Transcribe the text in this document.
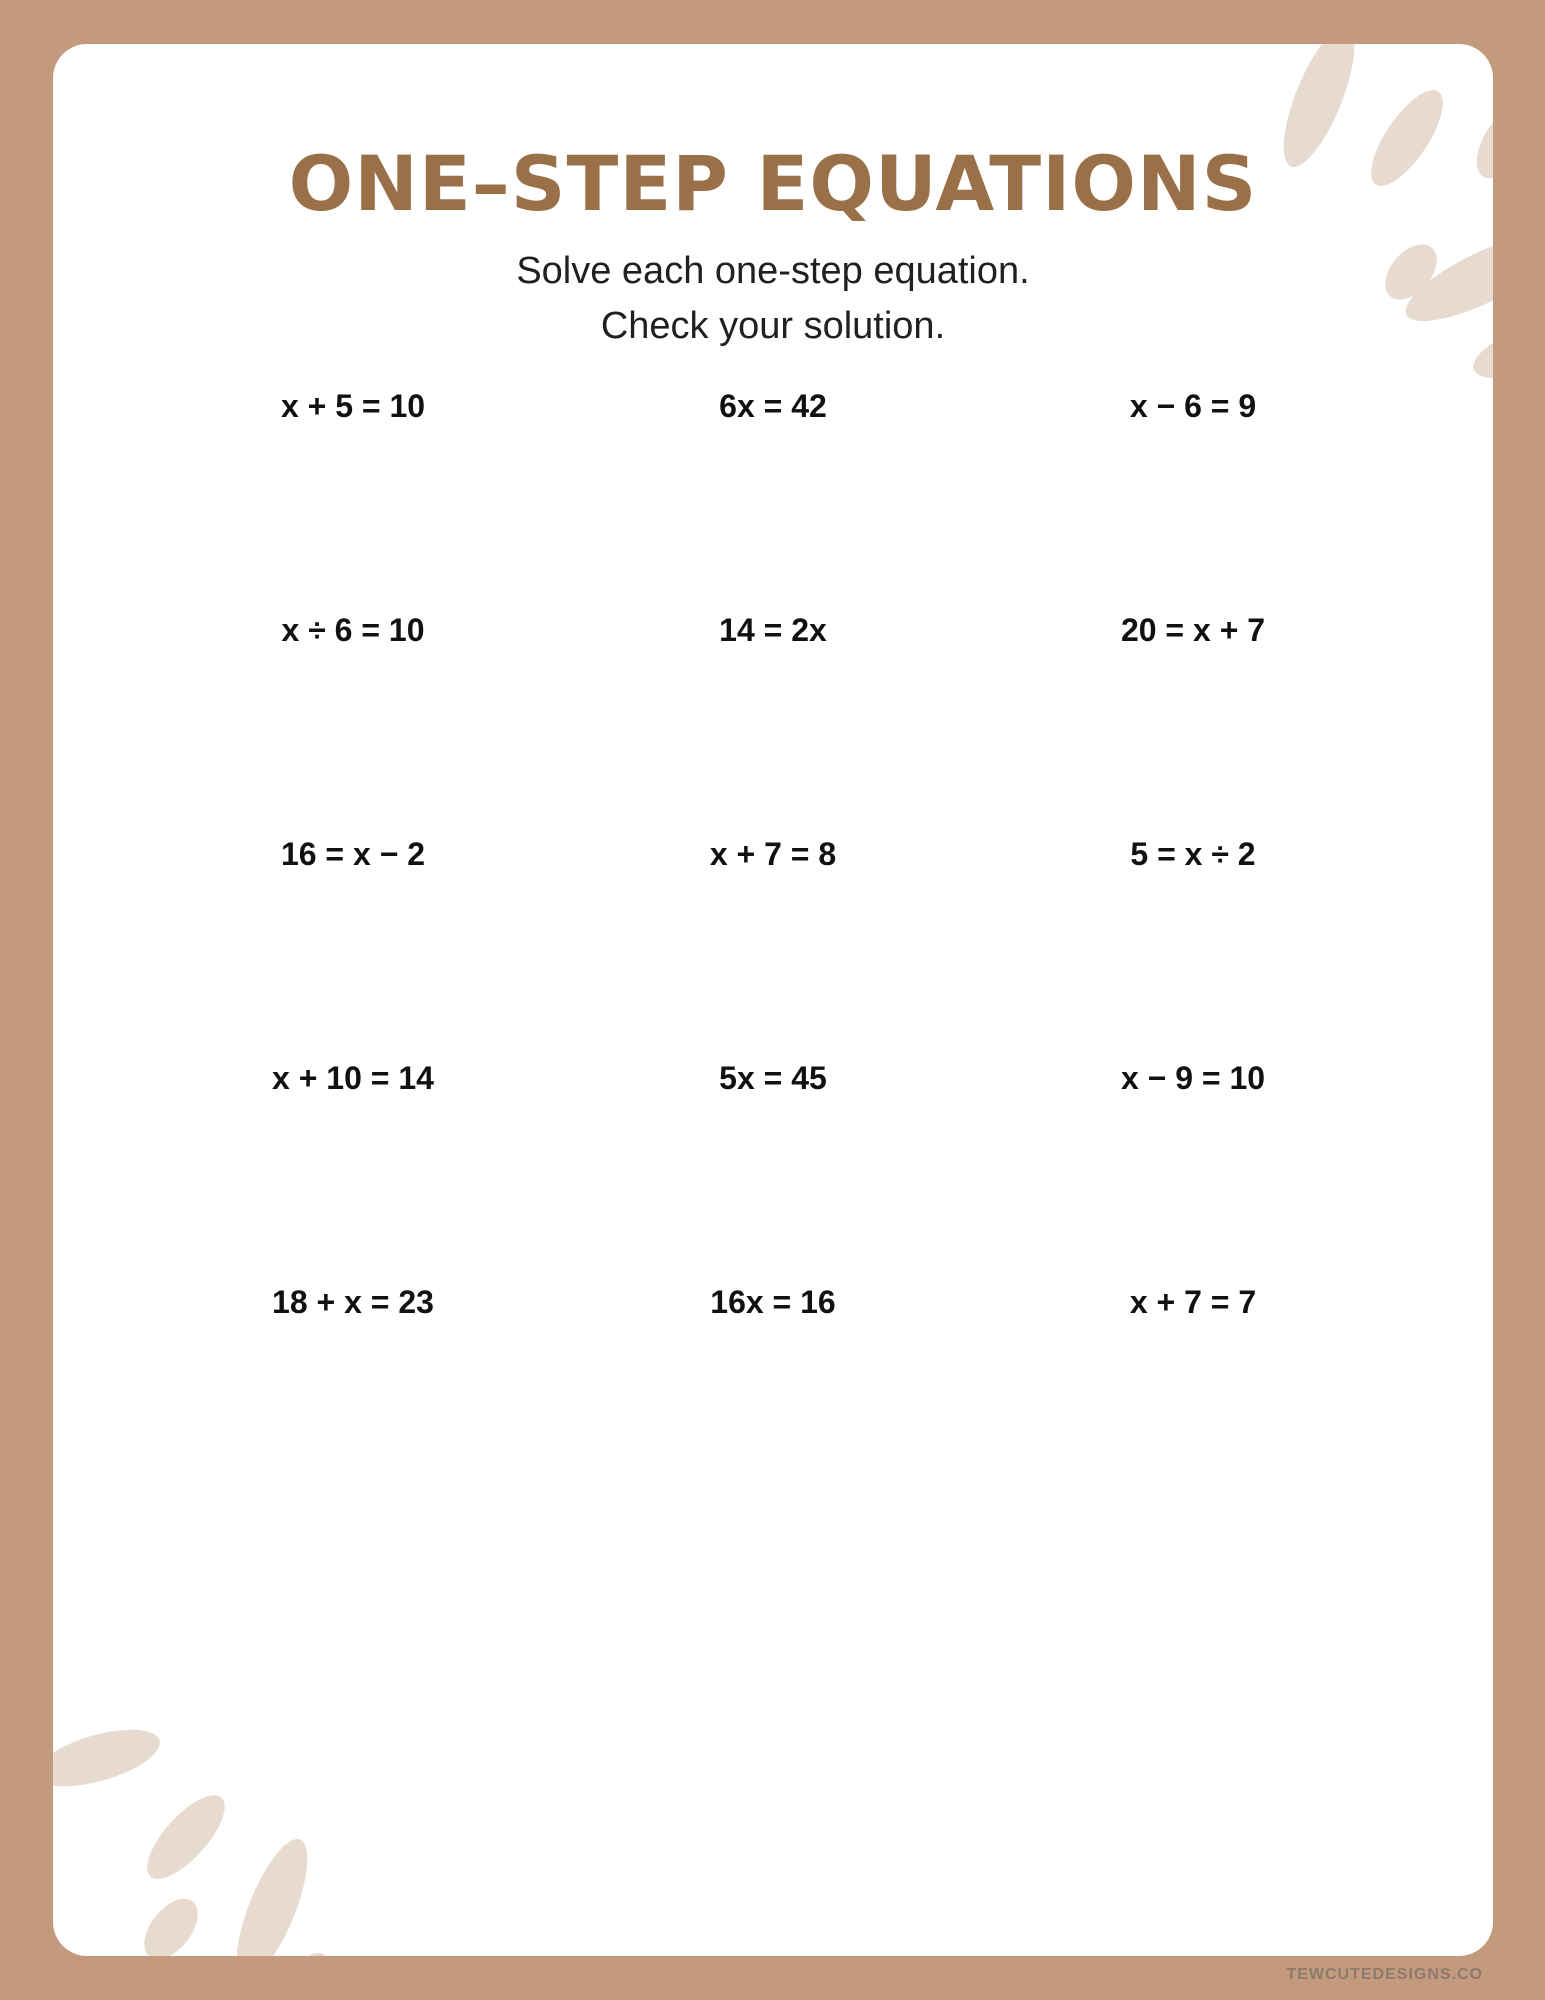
ONE–STEP EQUATIONS
Solve each one-step equation.
Check your solution.
x + 5 = 10	6x = 42	x − 6 = 9
x ÷ 6 = 10	14 = 2x	20 = x + 7
16 = x − 2	x + 7 = 8	5 = x ÷ 2
x + 10 = 14	5x = 45	x − 9 = 10
18 + x = 23	16x = 16	x + 7 = 7
TEWCUTEDESIGNS.CO
